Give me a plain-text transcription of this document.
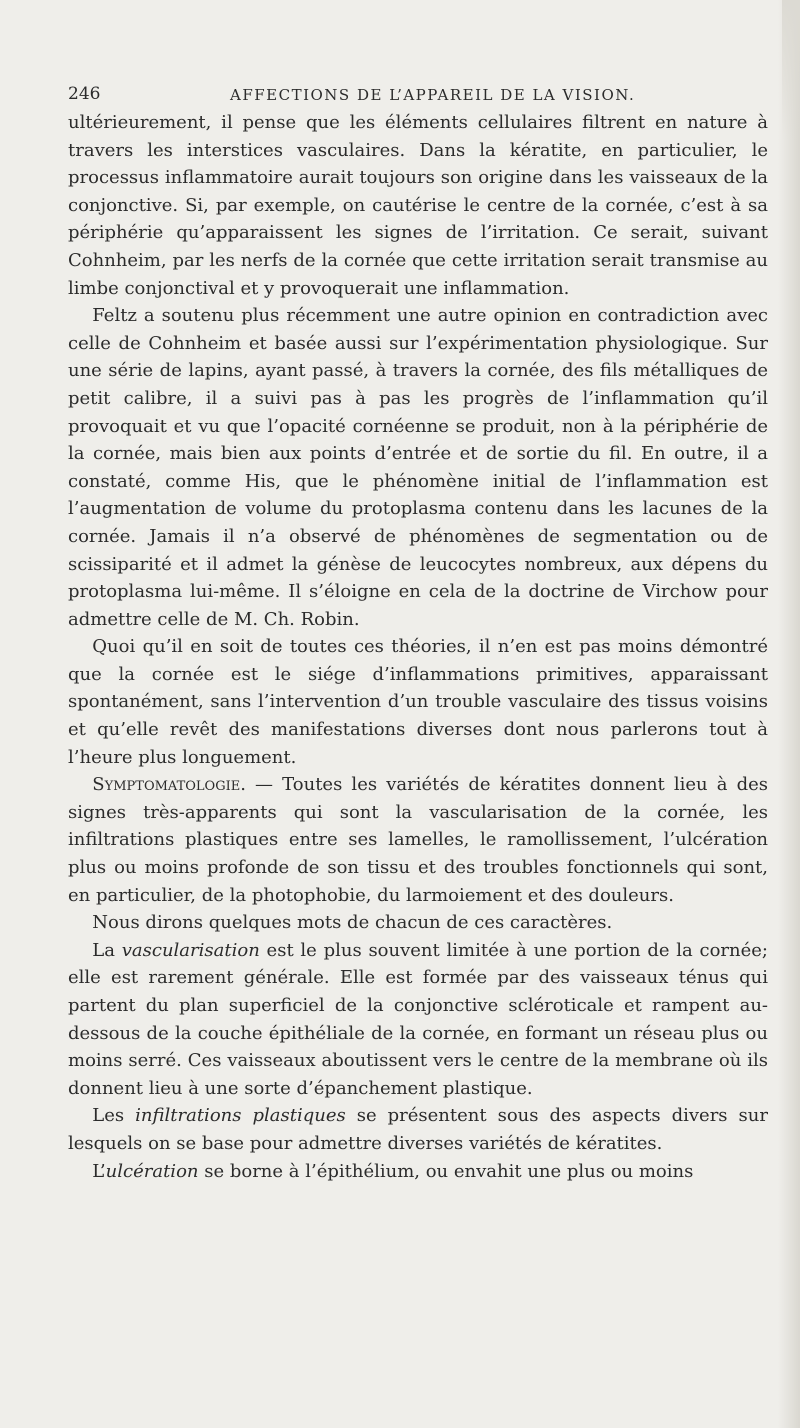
246	AFFECTIONS DE L’APPAREIL DE LA VISION.

ultérieurement, il pense que les éléments cellulaires filtrent en nature à travers les interstices vasculaires. Dans la kératite, en particulier, le processus inflammatoire aurait toujours son origine dans les vaisseaux de la conjonctive. Si, par exemple, on cautérise le centre de la cornée, c’est à sa périphérie qu’apparaissent les signes de l’irritation. Ce serait, suivant Cohnheim, par les nerfs de la cornée que cette irritation serait transmise au limbe conjonctival et y provoquerait une inflammation.

Feltz a soutenu plus récemment une autre opinion en contradiction avec celle de Cohnheim et basée aussi sur l’expérimentation physiologique. Sur une série de lapins, ayant passé, à travers la cornée, des fils métalliques de petit calibre, il a suivi pas à pas les progrès de l’inflammation qu’il provoquait et vu que l’opacité cornéenne se produit, non à la périphérie de la cornée, mais bien aux points d’entrée et de sortie du fil. En outre, il a constaté, comme His, que le phénomène initial de l’inflammation est l’augmentation de volume du protoplasma contenu dans les lacunes de la cornée. Jamais il n’a observé de phénomènes de segmentation ou de scissiparité et il admet la génèse de leucocytes nombreux, aux dépens du protoplasma lui-même. Il s’éloigne en cela de la doctrine de Virchow pour admettre celle de M. Ch. Robin.

Quoi qu’il en soit de toutes ces théories, il n’en est pas moins démontré que la cornée est le siége d’inflammations primitives, apparaissant spontanément, sans l’intervention d’un trouble vasculaire des tissus voisins et qu’elle revêt des manifestations diverses dont nous parlerons tout à l’heure plus longuement.

Symptomatologie. — Toutes les variétés de kératites donnent lieu à des signes très-apparents qui sont la vascularisation de la cornée, les infiltrations plastiques entre ses lamelles, le ramollissement, l’ulcération plus ou moins profonde de son tissu et des troubles fonctionnels qui sont, en particulier, de la photophobie, du larmoiement et des douleurs.

Nous dirons quelques mots de chacun de ces caractères.

La vascularisation est le plus souvent limitée à une portion de la cornée; elle est rarement générale. Elle est formée par des vaisseaux ténus qui partent du plan superficiel de la conjonctive scléroticale et rampent au-dessous de la couche épithéliale de la cornée, en formant un réseau plus ou moins serré. Ces vaisseaux aboutissent vers le centre de la membrane où ils donnent lieu à une sorte d’épanchement plastique.

Les infiltrations plastiques se présentent sous des aspects divers sur lesquels on se base pour admettre diverses variétés de kératites.

L’ulcération se borne à l’épithélium, ou envahit une plus ou moins
